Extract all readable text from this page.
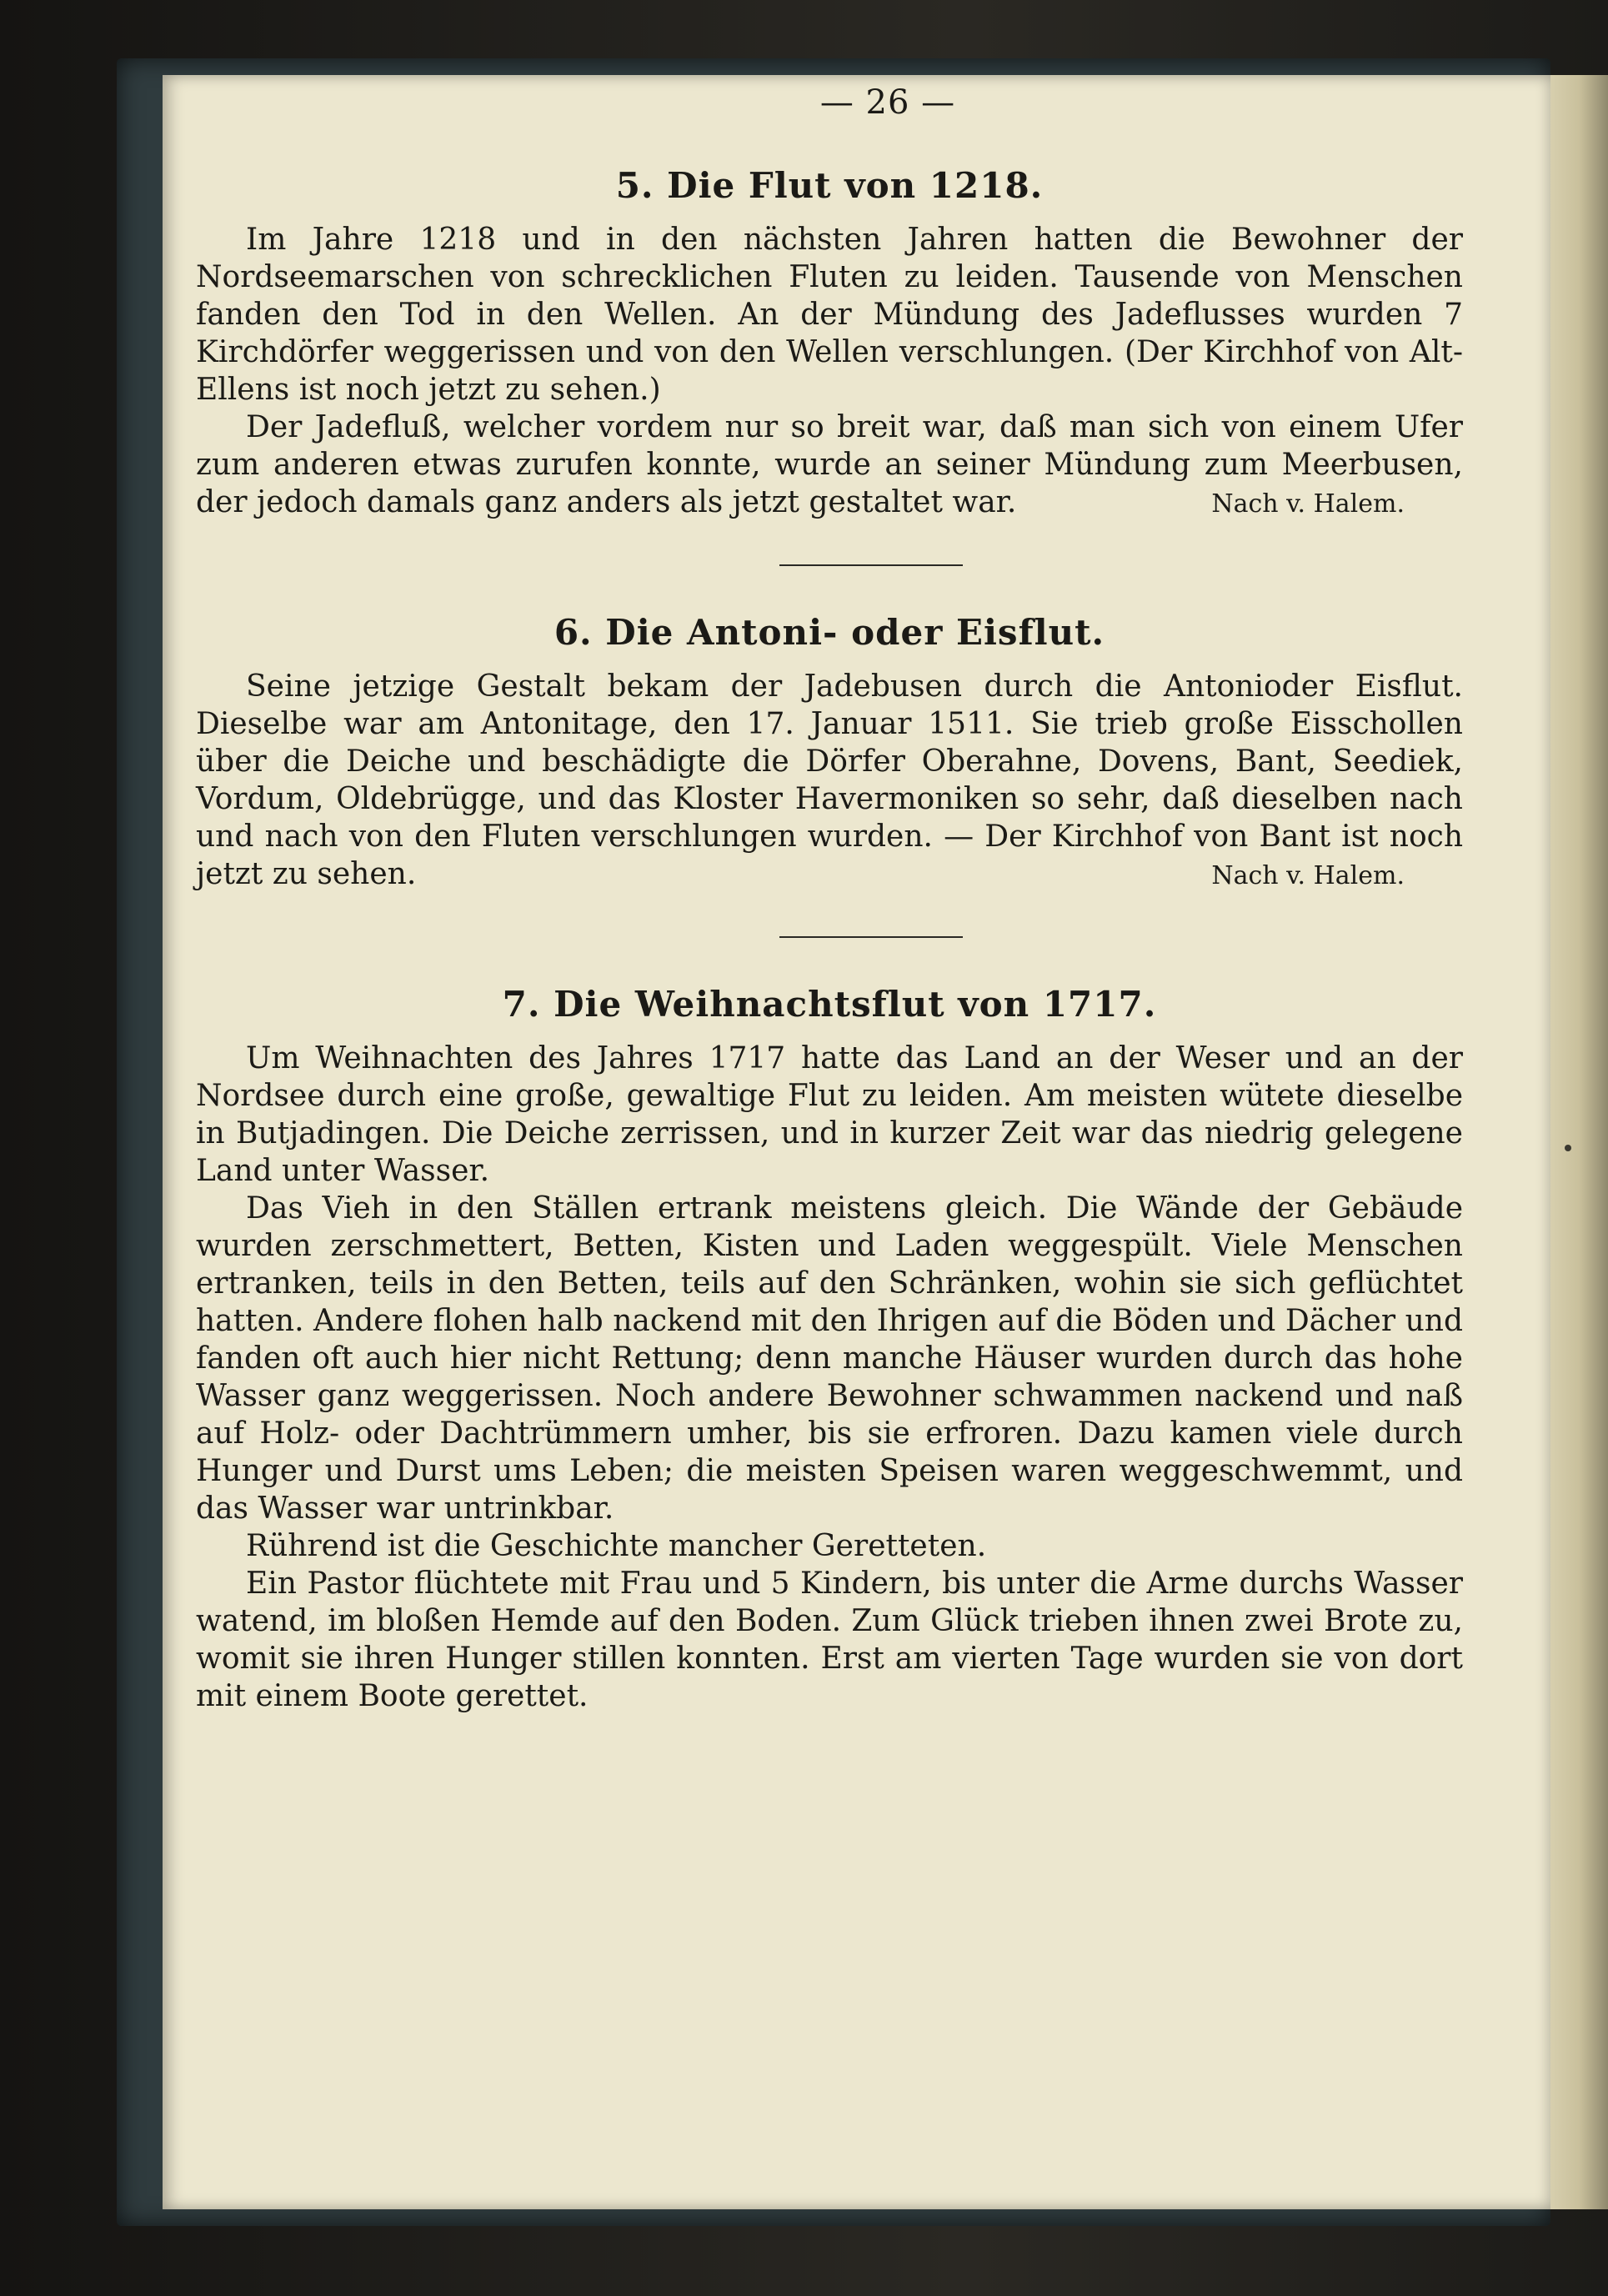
— 26 —
5. Die Flut von 1218.

Im Jahre 1218 und in den nächsten Jahren hatten die Bewohner der Nordseemarschen von schrecklichen Fluten zu leiden. Tausende von Menschen fanden den Tod in den Wellen. An der Mündung des Jadeflusses wurden 7 Kirchdörfer weggerissen und von den Wellen verschlungen. (Der Kirchhof von Alt-Ellens ist noch jetzt zu sehen.)

Der Jadefluß, welcher vordem nur so breit war, daß man sich von einem Ufer zum anderen etwas zurufen konnte, wurde an seiner Mündung zum Meerbusen, der jedoch damals ganz anders als jetzt gestaltet war.	Nach v. Halem.
6. Die Antoni- oder Eisflut.

Seine jetzige Gestalt bekam der Jadebusen durch die Antonioder Eisflut. Dieselbe war am Antonitage, den 17. Januar 1511. Sie trieb große Eisschollen über die Deiche und beschädigte die Dörfer Oberahne, Dovens, Bant, Seediek, Vordum, Oldebrügge, und das Kloster Havermoniken so sehr, daß dieselben nach und nach von den Fluten verschlungen wurden. — Der Kirchhof von Bant ist noch jetzt zu sehen.	Nach v. Halem.
7. Die Weihnachtsflut von 1717.

Um Weihnachten des Jahres 1717 hatte das Land an der Weser und an der Nordsee durch eine große, gewaltige Flut zu leiden. Am meisten wütete dieselbe in Butjadingen. Die Deiche zerrissen, und in kurzer Zeit war das niedrig gelegene Land unter Wasser.

Das Vieh in den Ställen ertrank meistens gleich. Die Wände der Gebäude wurden zerschmettert, Betten, Kisten und Laden weggespült. Viele Menschen ertranken, teils in den Betten, teils auf den Schränken, wohin sie sich geflüchtet hatten. Andere flohen halb nackend mit den Ihrigen auf die Böden und Dächer und fanden oft auch hier nicht Rettung; denn manche Häuser wurden durch das hohe Wasser ganz weggerissen. Noch andere Bewohner schwammen nackend und naß auf Holz- oder Dachtrümmern umher, bis sie erfroren. Dazu kamen viele durch Hunger und Durst ums Leben; die meisten Speisen waren weggeschwemmt, und das Wasser war untrinkbar.

Rührend ist die Geschichte mancher Geretteten.

Ein Pastor flüchtete mit Frau und 5 Kindern, bis unter die Arme durchs Wasser watend, im bloßen Hemde auf den Boden. Zum Glück trieben ihnen zwei Brote zu, womit sie ihren Hunger stillen konnten. Erst am vierten Tage wurden sie von dort mit einem Boote gerettet.
